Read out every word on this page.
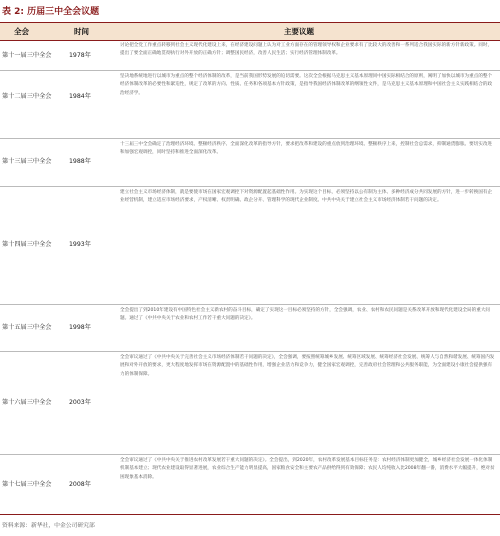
表 2: 历届三中全会议题
全会	时间	主要议题
第十一届三中全会	1978年
讨论把全党工作重点转移到社会主义现代化建设上来，在经济建设问题上认为对工业方面存在的管理领导权和企业要求有了比较大的改善和一系列适合我国实际的新方针新政策。同时，提出了要全面正确地贯彻执行对外开放的正确方针；调整国民经济，改善人民生活；实行经济管理体制改革。
第十二届三中全会	1984年
坚决地系统地进行以城市为重点的整个经济体制的改革，是当前我国形势发展的迫切需要。这次全会根据马克思主义基本原理同中国实际相结合的原则，阐明了加快以城市为重点的整个经济体制改革的必要性和紧迫性，规定了改革的方向、性质、任务和各项基本方针政策，是指导我国经济体制改革的纲领性文件，是马克思主义基本原理和中国社会主义实践相结合的政治经济学。
第十三届三中全会	1988年
十三届三中全会确定了治理经济环境、整顿经济秩序、全面深化改革的指导方针，要求把改革和建设的重点放到治理环境、整顿秩序上来，控制社会总需求，抑制通货膨胀。要切实改进和加强宏观调控，同时坚持和推进全面深化改革。
第十四届三中全会	1993年
建立社会主义市场经济体制，就是要使市场在国家宏观调控下对资源配置起基础性作用。为实现这个目标，必须坚持以公有制为主体、多种经济成分共同发展的方针，进一步转换国有企业经营机制，建立适应市场经济要求，产权清晰、权责明确、政企分开、管理科学的现代企业制度。中共中央关于建立社会主义市场经济体制若干问题的决定。
第十五届三中全会	1998年
全会提出了到2010年建设有中国特色社会主义新农村的奋斗目标，确定了实现这一目标必须坚持的方针，全会强调，农业、农村和农民问题是关系改革开放和现代化建设全局的重大问题。通过了《中共中央关于农业和农村工作若干重大问题的决定》。
第十六届三中全会	2003年
全会审议通过了《中共中央关于完善社会主义市场经济体制若干问题的决定》，全会强调，要按照统筹城乡发展、统筹区域发展、统筹经济社会发展、统筹人与自然和谐发展、统筹国内发展和对外开放的要求，更大程度地发挥市场在资源配置中的基础性作用，增强企业活力和竞争力，健全国家宏观调控，完善政府社会管理和公共服务职能，为全面建设小康社会提供强有力的体制保障。
第十七届三中全会	2008年
全会审议通过了《中共中央关于推进农村改革发展若干重大问题的决定》。全会提出，到2020年，农村改革发展基本目标任务是：农村经济体制更加健全，城乡经济社会发展一体化体制机制基本建立；现代农业建设取得显著进展，农业综合生产能力明显提高，国家粮食安全和主要农产品供给得到有效保障；农民人均纯收入比2008年翻一番，消费水平大幅提升，绝对贫困现象基本消除。
资料来源：新华社，中金公司研究部
